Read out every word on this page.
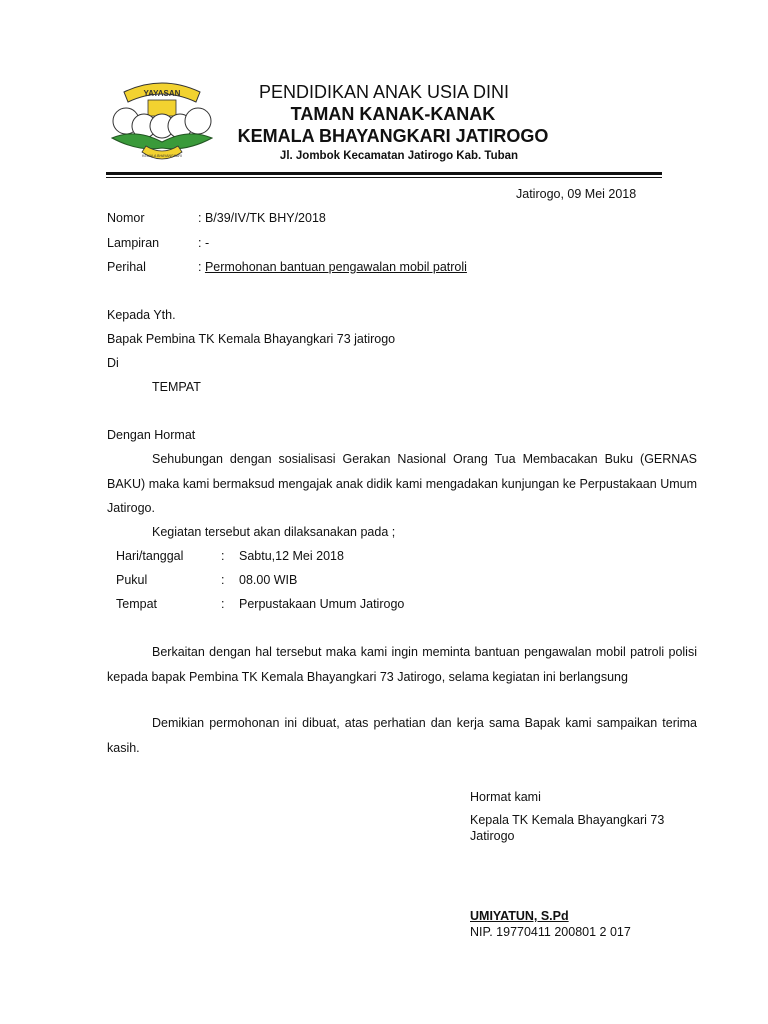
YAYASAN
KEMALA BHAYANGKARI
PENDIDIKAN ANAK USIA DINI
TAMAN KANAK-KANAK
KEMALA BHAYANGKARI JATIROGO
Jl. Jombok Kecamatan Jatirogo Kab. Tuban
Jatirogo, 09 Mei 2018
Nomor	: B/39/IV/TK BHY/2018
Lampiran	: -
Perihal	: Permohonan bantuan pengawalan mobil patroli
Kepada Yth.
Bapak Pembina TK Kemala Bhayangkari 73 jatirogo
Di
TEMPAT
Dengan Hormat
Sehubungan dengan sosialisasi Gerakan Nasional Orang Tua Membacakan Buku (GERNAS BAKU) maka kami bermaksud mengajak anak didik kami mengadakan kunjungan ke Perpustakaan Umum Jatirogo.
Kegiatan tersebut akan dilaksanakan pada ;
Hari/tanggal	: Sabtu,12 Mei 2018
Pukul	: 08.00 WIB
Tempat	: Perpustakaan Umum Jatirogo
Berkaitan dengan hal tersebut maka kami ingin meminta bantuan pengawalan mobil patroli polisi kepada bapak Pembina TK Kemala Bhayangkari 73 Jatirogo, selama kegiatan ini berlangsung
Demikian permohonan ini dibuat, atas perhatian dan kerja sama Bapak kami sampaikan terima kasih.
Hormat kami
Kepala TK Kemala Bhayangkari 73
Jatirogo
UMIYATUN, S.Pd
NIP. 19770411 200801 2 017
